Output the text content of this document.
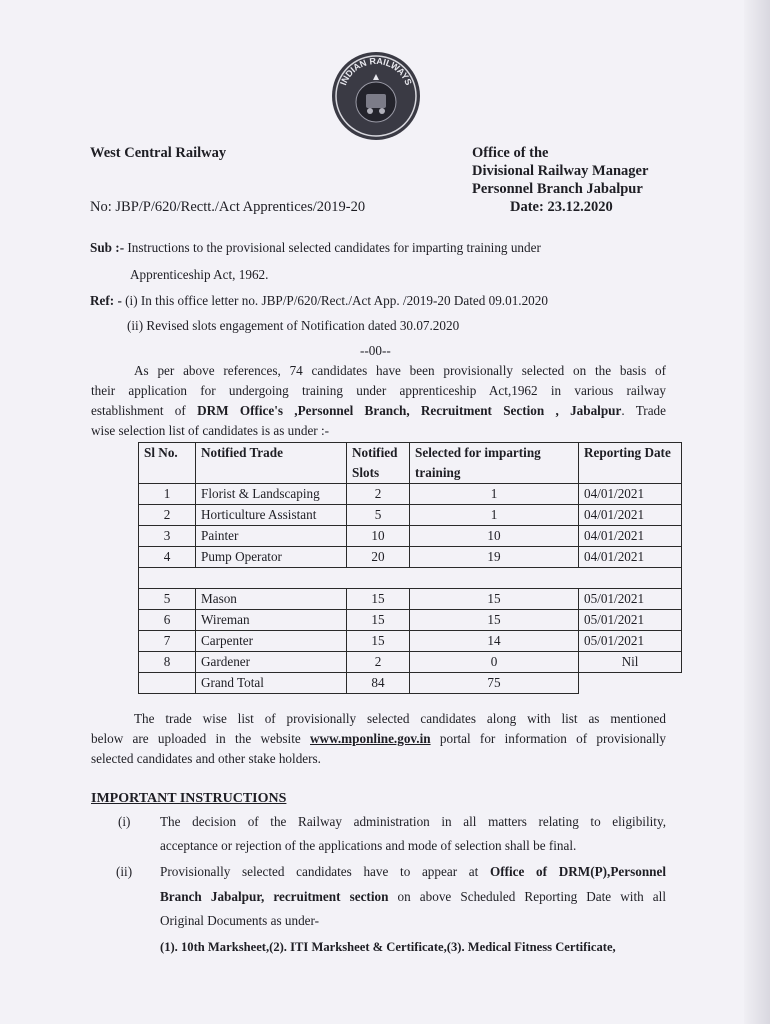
INDIAN RAILWAYS
West Central Railway	Office of the
Divisional Railway Manager
Personnel Branch Jabalpur
No: JBP/P/620/Rectt./Act Apprentices/2019-20	Date: 23.12.2020
Sub :- Instructions to the provisional selected candidates for imparting training under
Apprenticeship Act, 1962.
Ref: - (i) In this office letter no. JBP/P/620/Rect./Act App. /2019-20 Dated 09.01.2020
(ii) Revised slots engagement of Notification dated 30.07.2020
--00--
As per above references, 74 candidates have been provisionally selected on the basis of
their application for undergoing training under apprenticeship Act,1962 in various railway
establishment of DRM Office's ,Personnel Branch, Recruitment Section , Jabalpur. Trade
wise selection list of candidates is as under :-
Sl No.	Notified Trade	Notified Slots	Selected for imparting training	Reporting Date
1	Florist & Landscaping	2	1	04/01/2021
2	Horticulture Assistant	5	1	04/01/2021
3	Painter	10	10	04/01/2021
4	Pump Operator	20	19	04/01/2021

5	Mason	15	15	05/01/2021
6	Wireman	15	15	05/01/2021
7	Carpenter	15	14	05/01/2021
8	Gardener	2	0	Nil
	Grand Total	84	75	
The trade wise list of provisionally selected candidates along with list as mentioned
below are uploaded in the website www.mponline.gov.in portal for information of provisionally
selected candidates and other stake holders.
IMPORTANT INSTRUCTIONS
(i) The decision of the Railway administration in all matters relating to eligibility,
acceptance or rejection of the applications and mode of selection shall be final.
(ii) Provisionally selected candidates have to appear at Office of DRM(P),Personnel
Branch Jabalpur, recruitment section on above Scheduled Reporting Date with all
Original Documents as under-
(1). 10th Marksheet,(2). ITI Marksheet & Certificate,(3). Medical Fitness Certificate,
